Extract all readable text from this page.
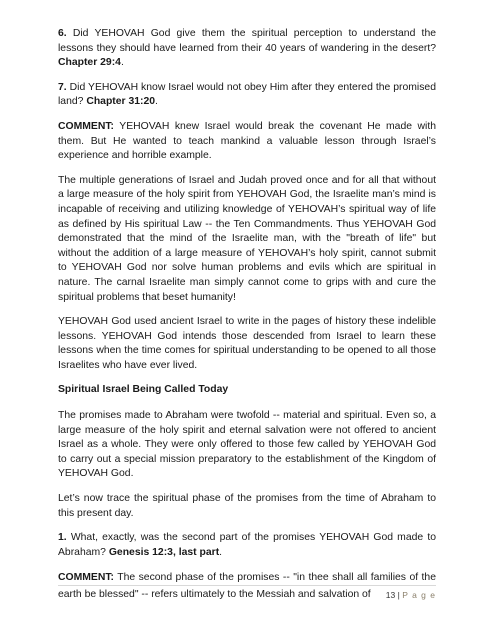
6. Did YEHOVAH God give them the spiritual perception to understand the lessons they should have learned from their 40 years of wandering in the desert? Chapter 29:4.

7. Did YEHOVAH know Israel would not obey Him after they entered the promised land? Chapter 31:20.

COMMENT: YEHOVAH knew Israel would break the covenant He made with them. But He wanted to teach mankind a valuable lesson through Israel’s experience and horrible example.

The multiple generations of Israel and Judah proved once and for all that without a large measure of the holy spirit from YEHOVAH God, the Israelite man’s mind is incapable of receiving and utilizing knowledge of YEHOVAH’s spiritual way of life as defined by His spiritual Law -- the Ten Commandments. Thus YEHOVAH God demonstrated that the mind of the Israelite man, with the "breath of life" but without the addition of a large measure of YEHOVAH’s holy spirit, cannot submit to YEHOVAH God nor solve human problems and evils which are spiritual in nature. The carnal Israelite man simply cannot come to grips with and cure the spiritual problems that beset humanity!

YEHOVAH God used ancient Israel to write in the pages of history these indelible lessons. YEHOVAH God intends those descended from Israel to learn these lessons when the time comes for spiritual understanding to be opened to all those Israelites who have ever lived.

Spiritual Israel Being Called Today

The promises made to Abraham were twofold -- material and spiritual. Even so, a large measure of the holy spirit and eternal salvation were not offered to ancient Israel as a whole. They were only offered to those few called by YEHOVAH God to carry out a special mission preparatory to the establishment of the Kingdom of YEHOVAH God.

Let’s now trace the spiritual phase of the promises from the time of Abraham to this present day.

1. What, exactly, was the second part of the promises YEHOVAH God made to Abraham? Genesis 12:3, last part.

COMMENT: The second phase of the promises -- "in thee shall all families of the earth be blessed" -- refers ultimately to the Messiah and salvation of	13 | P a g e
